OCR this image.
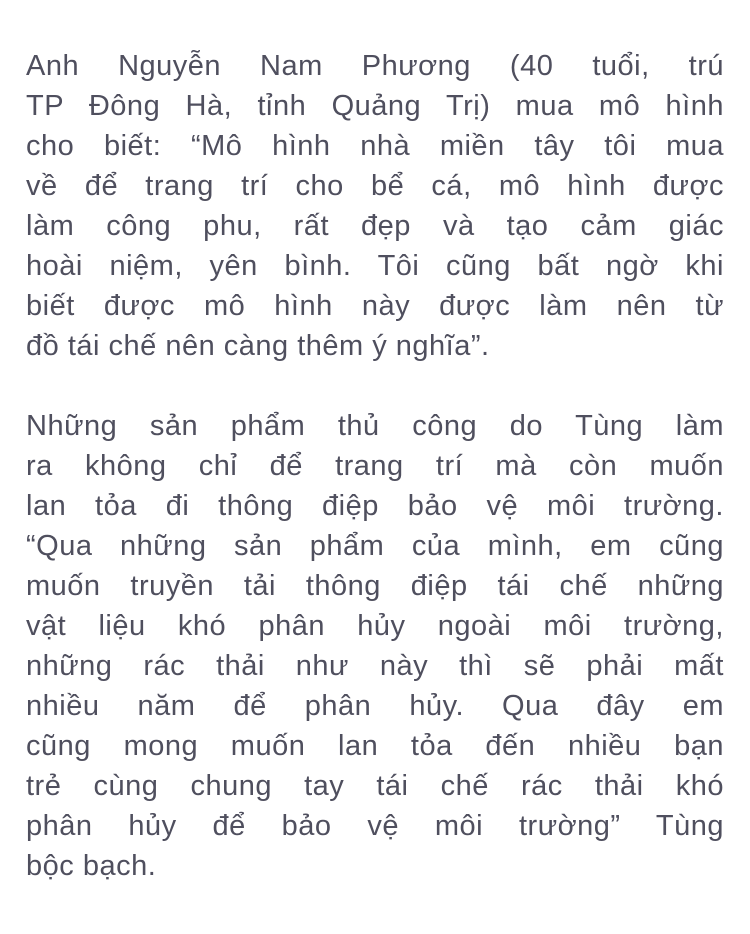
Anh Nguyễn Nam Phương (40 tuổi, trú
TP Đông Hà, tỉnh Quảng Trị) mua mô hình
cho biết: “Mô hình nhà miền tây tôi mua
về để trang trí cho bể cá, mô hình được
làm công phu, rất đẹp và tạo cảm giác
hoài niệm, yên bình. Tôi cũng bất ngờ khi
biết được mô hình này được làm nên từ
đồ tái chế nên càng thêm ý nghĩa”.
Những sản phẩm thủ công do Tùng làm
ra không chỉ để trang trí mà còn muốn
lan tỏa đi thông điệp bảo vệ môi trường.
“Qua những sản phẩm của mình, em cũng
muốn truyền tải thông điệp tái chế những
vật liệu khó phân hủy ngoài môi trường,
những rác thải như này thì sẽ phải mất
nhiều năm để phân hủy. Qua đây em
cũng mong muốn lan tỏa đến nhiều bạn
trẻ cùng chung tay tái chế rác thải khó
phân hủy để bảo vệ môi trường” Tùng
bộc bạch.
